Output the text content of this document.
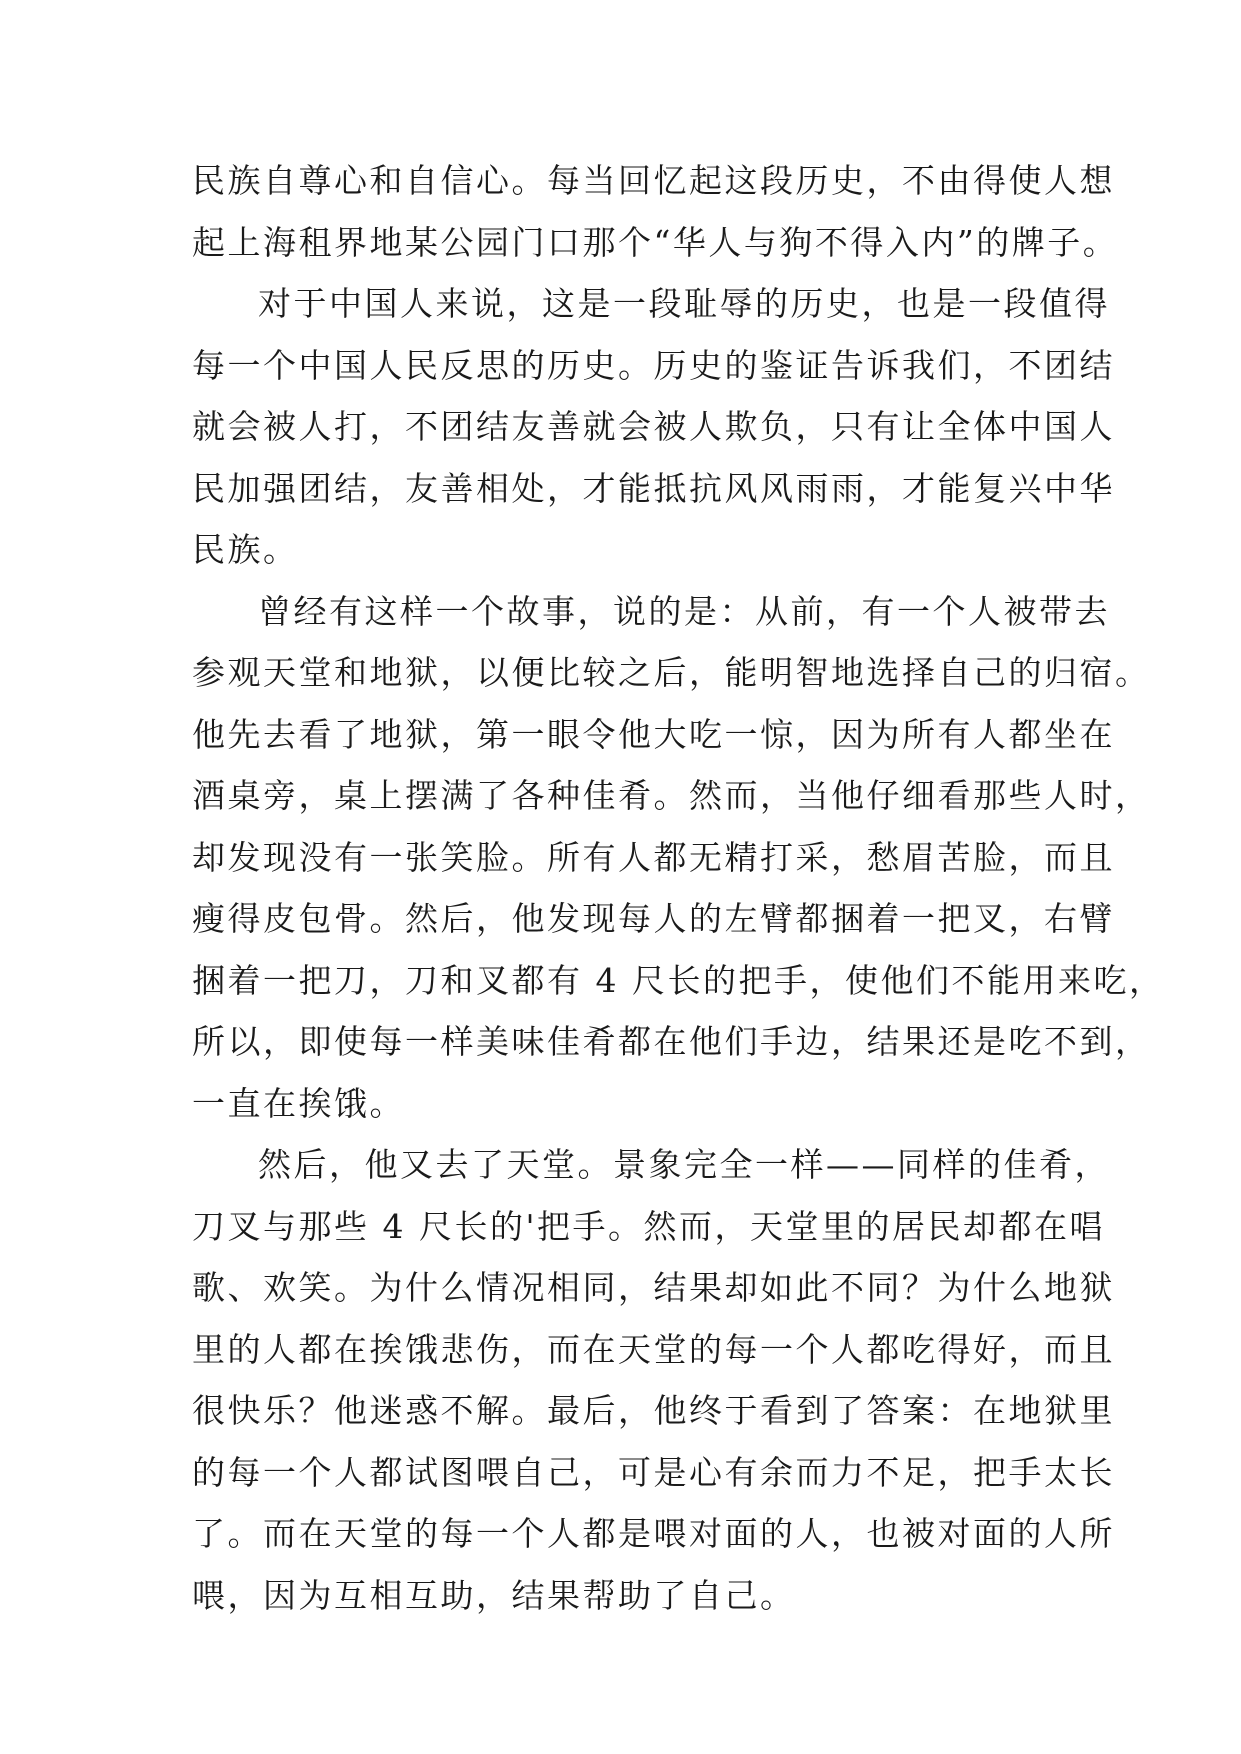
民族自尊心和自信心。每当回忆起这段历史，不由得使人想
起上海租界地某公园门口那个“华人与狗不得入内”的牌子。
对于中国人来说，这是一段耻辱的历史，也是一段值得
每一个中国人民反思的历史。历史的鉴证告诉我们，不团结
就会被人打，不团结友善就会被人欺负，只有让全体中国人
民加强团结，友善相处，才能抵抗风风雨雨，才能复兴中华
民族。
曾经有这样一个故事，说的是：从前，有一个人被带去
参观天堂和地狱，以便比较之后，能明智地选择自己的归宿。
他先去看了地狱，第一眼令他大吃一惊，因为所有人都坐在
酒桌旁，桌上摆满了各种佳肴。然而，当他仔细看那些人时，
却发现没有一张笑脸。所有人都无精打采，愁眉苦脸，而且
瘦得皮包骨。然后，他发现每人的左臂都捆着一把叉，右臂
捆着一把刀，刀和叉都有 4 尺长的把手，使他们不能用来吃，
所以，即使每一样美味佳肴都在他们手边，结果还是吃不到，
一直在挨饿。
然后，他又去了天堂。景象完全一样——同样的佳肴，
刀叉与那些 4 尺长的'把手。然而，天堂里的居民却都在唱
歌、欢笑。为什么情况相同，结果却如此不同？为什么地狱
里的人都在挨饿悲伤，而在天堂的每一个人都吃得好，而且
很快乐？他迷惑不解。最后，他终于看到了答案：在地狱里
的每一个人都试图喂自己，可是心有余而力不足，把手太长
了。而在天堂的每一个人都是喂对面的人，也被对面的人所
喂，因为互相互助，结果帮助了自己。
